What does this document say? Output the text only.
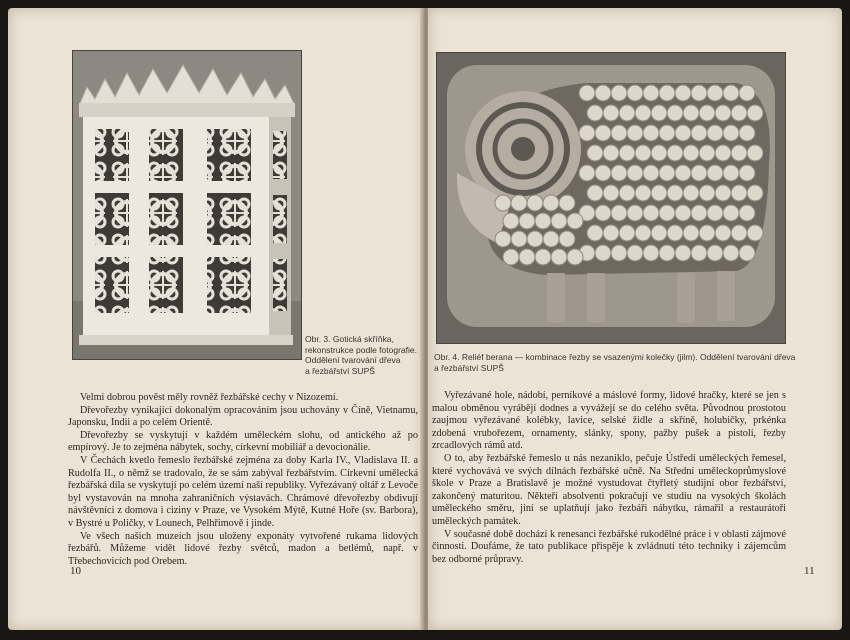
Obr. 3. Gotická skříňka,
rekonstrukce podle fotografie.
Oddělení tvarování dřeva
a řezbářství SUPŠ

Velmi dobrou pověst měly rovněž řezbářské cechy v Nizozemí.

Dřevořezby vynikající dokonalým opracováním jsou uchovány v Číně, Vietnamu, Japonsku, Indii a po celém Orientě.

Dřevořezby se vyskytují v každém uměleckém slohu, od antického až po empírový. Je to zejména nábytek, sochy, církevní mobiliář a devocionálie.

V Čechách kvetlo řemeslo řezbářské zejména za doby Karla IV., Vladislava II. a Rudolfa II., o němž se tradovalo, že se sám zabýval řezbářstvím. Církevní umělecká řezbářská díla se vyskytují po celém území naší republiky. Vyřezávaný oltář z Levoče byl vystavován na mnoha zahraničních výstavách. Chrámové dřevořezby obdivují návštěvníci z domova i ciziny v Praze, ve Vysokém Mýtě, Kutné Hoře (sv. Barbora), v Bystré u Poličky, v Lounech, Pelhřimově i jinde.

Ve všech našich muzeích jsou uloženy exponáty vytvořené rukama lidových řezbářů. Můžeme vidět lidové řezby světců, madon a betlémů, např. v Třebechovicích pod Orebem.

10
Obr. 4. Reliéf berana — kombinace řezby se vsazenými kolečky (jilm). Oddělení tvarování dřeva
a řezbářství SUPŠ

Vyřezávané hole, nádobí, perníkové a máslové formy, lidové hračky, které se jen s malou obměnou vyrábějí dodnes a vyvážejí se do celého světa. Původnou prostotou zaujmou vyřezávané kolébky, lavice, selské židle a skříně, holubičky, prkénka zdobená vrubořezem, ornamenty, slánky, spony, pažby pušek a pistolí, řezby zrcadlových rámů atd.

O to, aby řezbářské řemeslo u nás nezaniklo, pečuje Ústředí uměleckých řemesel, které vychovává ve svých dílnách řezbářské učně. Na Střední uměleckoprůmyslové škole v Praze a Bratislavě je možné vystudovat čtyřletý studijní obor řezbářství, zakončený maturitou. Někteří absolventi pokračují ve studiu na vysokých školách uměleckého směru, jiní se uplatňují jako řezbáři nábytku, rámařil a restaurátoři uměleckých památek.

V současné době dochází k renesanci řezbářské rukodělné práce i v oblasti zájmové činnosti. Doufáme, že tato publikace přispěje k zvládnutí této techniky i zájemcům bez odborné průpravy.

11
